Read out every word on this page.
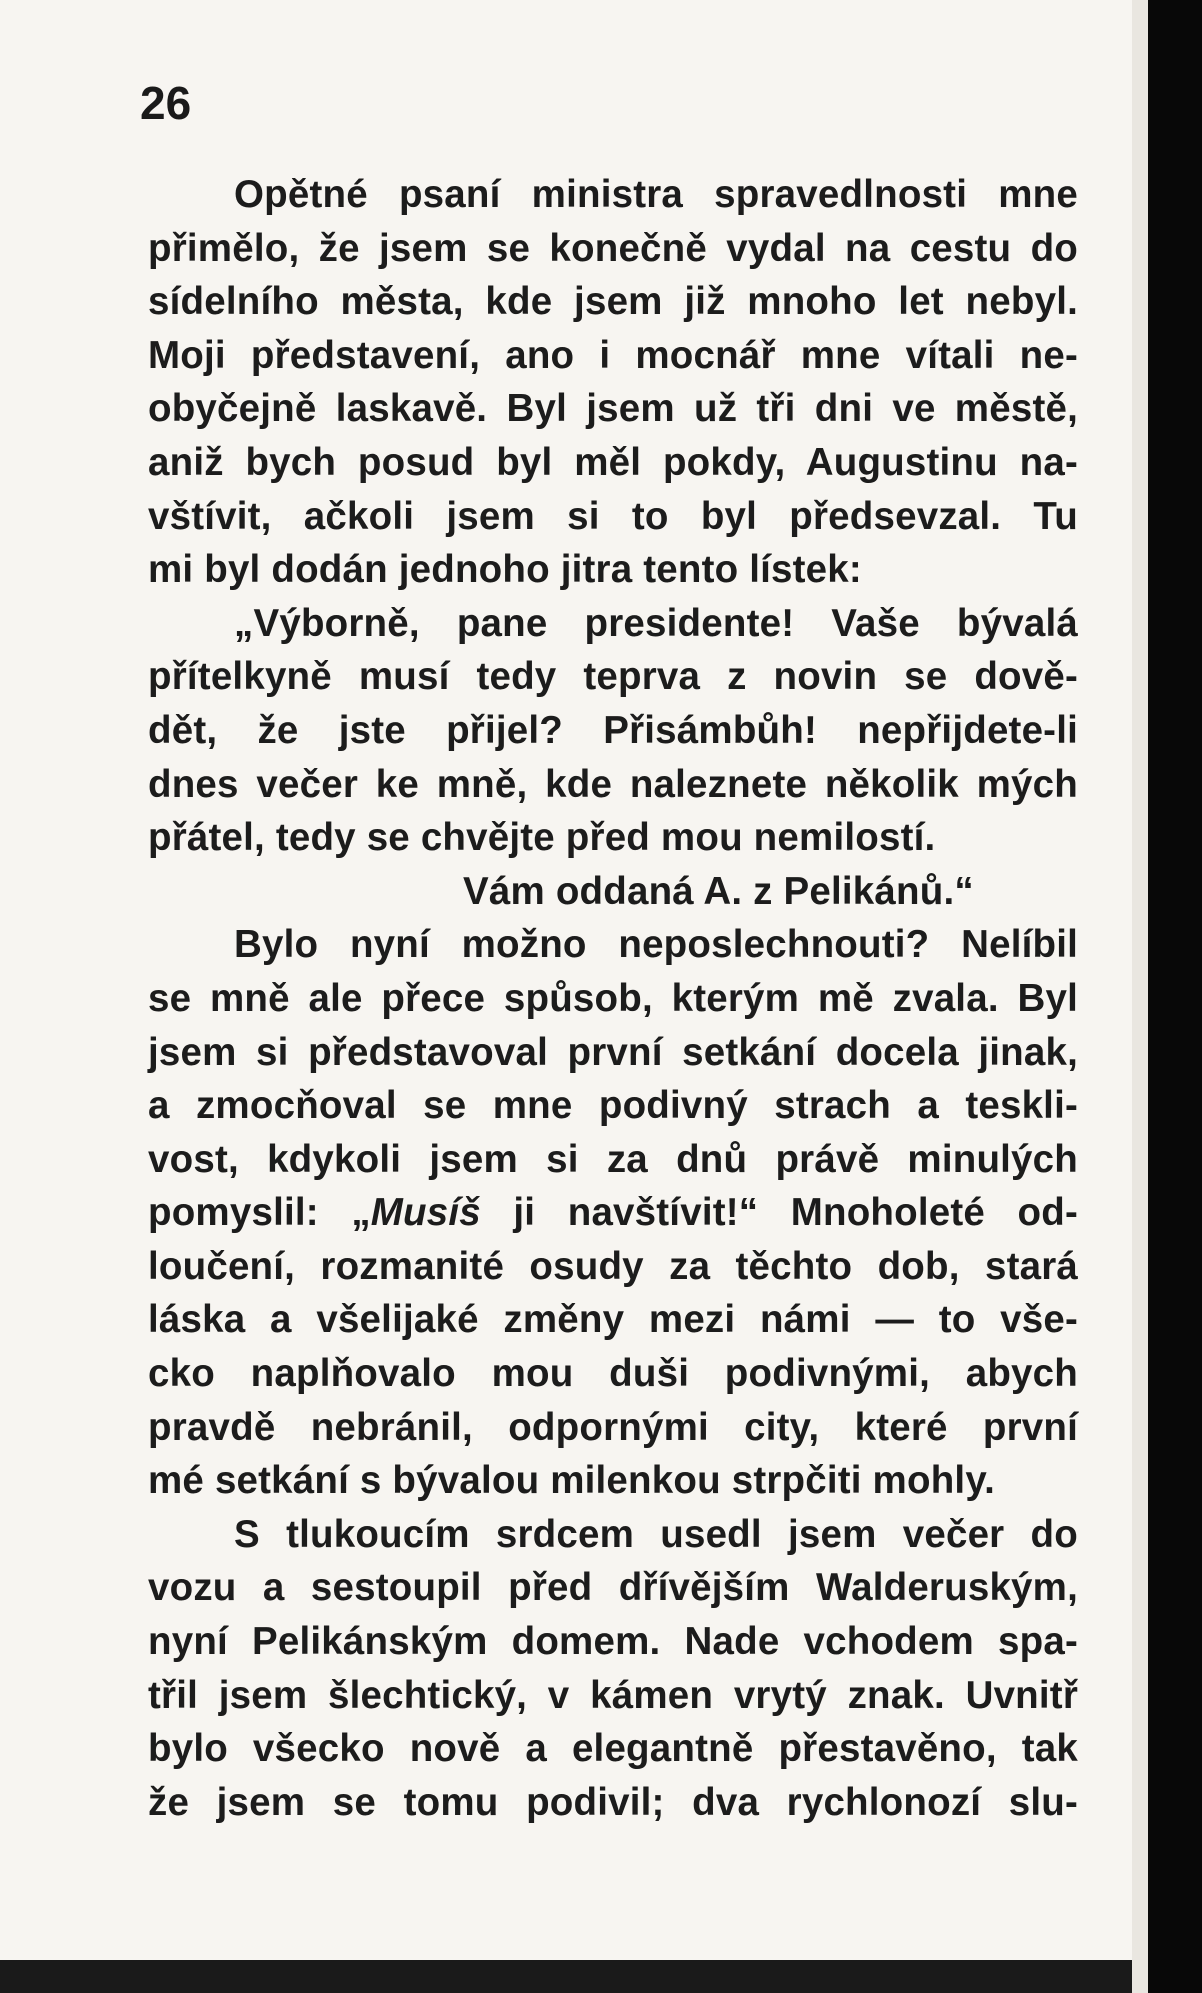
26
Opětné psaní ministra spravedlnosti mne
přimělo, že jsem se konečně vydal na cestu do
sídelního města, kde jsem již mnoho let nebyl.
Moji představení, ano i mocnář mne vítali ne-
obyčejně laskavě. Byl jsem už tři dni ve městě,
aniž bych posud byl měl pokdy, Augustinu na-
vštívit, ačkoli jsem si to byl předsevzal. Tu
mi byl dodán jednoho jitra tento lístek:
„Výborně, pane presidente! Vaše bývalá
přítelkyně musí tedy teprva z novin se dově-
dět, že jste přijel? Přisámbůh! nepřijdete-li
dnes večer ke mně, kde naleznete několik mých
přátel, tedy se chvějte před mou nemilostí.
Vám oddaná A. z Pelikánů.“
Bylo nyní možno neposlechnouti? Nelíbil
se mně ale přece spůsob, kterým mě zvala. Byl
jsem si představoval první setkání docela jinak,
a zmocňoval se mne podivný strach a teskli-
vost, kdykoli jsem si za dnů právě minulých
pomyslil: „Musíš ji navštívit!“ Mnoholeté od-
loučení, rozmanité osudy za těchto dob, stará
láska a všelijaké změny mezi námi — to vše-
cko naplňovalo mou duši podivnými, abych
pravdě nebránil, odpornými city, které první
mé setkání s bývalou milenkou strpčiti mohly.
S tlukoucím srdcem usedl jsem večer do
vozu a sestoupil před dřívějším Walderuským,
nyní Pelikánským domem. Nade vchodem spa-
třil jsem šlechtický, v kámen vrytý znak. Uvnitř
bylo všecko nově a elegantně přestavěno, tak
že jsem se tomu podivil; dva rychlonozí slu-
